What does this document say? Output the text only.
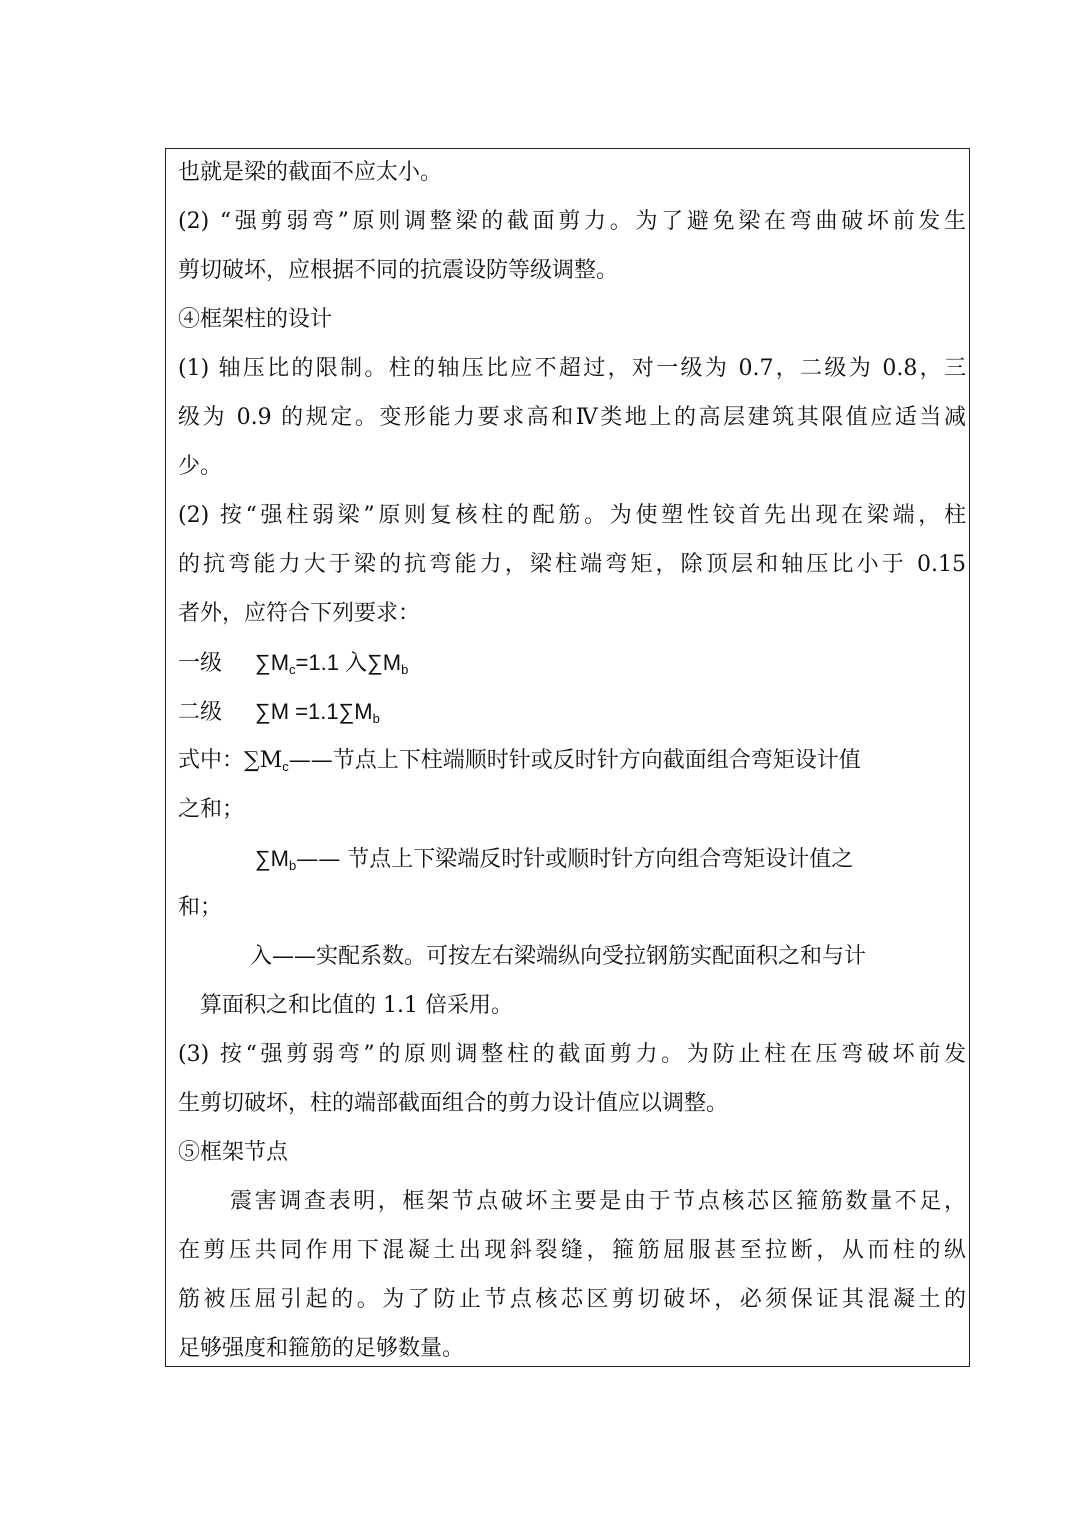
也就是梁的截面不应太小。
(2) “强剪弱弯”原则调整梁的截面剪力。为了避免梁在弯曲破坏前发生
剪切破坏，应根据不同的抗震设防等级调整。
④框架柱的设计
(1) 轴压比的限制。柱的轴压比应不超过，对一级为 0.7，二级为 0.8，三
级为 0.9 的规定。变形能力要求高和Ⅳ类地上的高层建筑其限值应适当减
少。
(2) 按“强柱弱梁”原则复核柱的配筋。为使塑性铰首先出现在梁端，柱
的抗弯能力大于梁的抗弯能力，梁柱端弯矩，除顶层和轴压比小于 0.15
者外，应符合下列要求：
一级 $\sum M_c=1.1$ 入$\sum M_b$
二级 $\sum M =1.1\sum M_b$
式中：$\sum M_c——$节点上下柱端顺时针或反时针方向截面组合弯矩设计值
之和；
$\sum M_b——$ 节点上下梁端反时针或顺时针方向组合弯矩设计值之
和；
入——实配系数。可按左右梁端纵向受拉钢筋实配面积之和与计
算面积之和比值的 1.1 倍采用。
(3) 按“强剪弱弯”的原则调整柱的截面剪力。为防止柱在压弯破坏前发
生剪切破坏，柱的端部截面组合的剪力设计值应以调整。
⑤框架节点
震害调查表明，框架节点破坏主要是由于节点核芯区箍筋数量不足，
在剪压共同作用下混凝土出现斜裂缝，箍筋屈服甚至拉断，从而柱的纵
筋被压屈引起的。为了防止节点核芯区剪切破坏，必须保证其混凝土的
足够强度和箍筋的足够数量。
